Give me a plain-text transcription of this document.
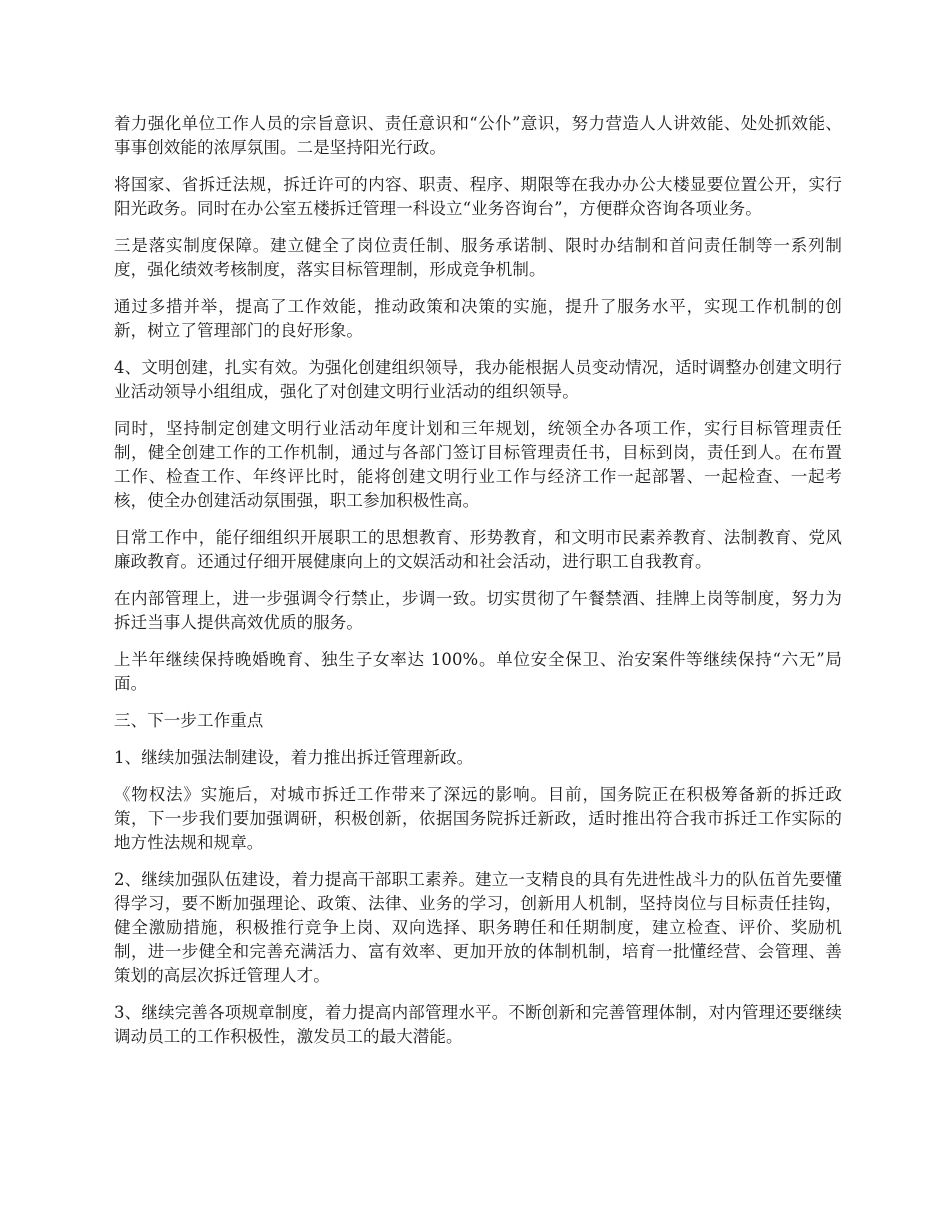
着力强化单位工作人员的宗旨意识、责任意识和“公仆”意识，努力营造人人讲效能、处处抓效能、事事创效能的浓厚氛围。二是坚持阳光行政。

将国家、省拆迁法规，拆迁许可的内容、职责、程序、期限等在我办办公大楼显要位置公开，实行阳光政务。同时在办公室五楼拆迁管理一科设立“业务咨询台”，方便群众咨询各项业务。

三是落实制度保障。建立健全了岗位责任制、服务承诺制、限时办结制和首问责任制等一系列制度，强化绩效考核制度，落实目标管理制，形成竞争机制。

通过多措并举，提高了工作效能，推动政策和决策的实施，提升了服务水平，实现工作机制的创新，树立了管理部门的良好形象。

4、文明创建，扎实有效。为强化创建组织领导，我办能根据人员变动情况，适时调整办创建文明行业活动领导小组组成，强化了对创建文明行业活动的组织领导。

同时，坚持制定创建文明行业活动年度计划和三年规划，统领全办各项工作，实行目标管理责任制，健全创建工作的工作机制，通过与各部门签订目标管理责任书，目标到岗，责任到人。在布置工作、检查工作、年终评比时，能将创建文明行业工作与经济工作一起部署、一起检查、一起考核，使全办创建活动氛围强，职工参加积极性高。

日常工作中，能仔细组织开展职工的思想教育、形势教育，和文明市民素养教育、法制教育、党风廉政教育。还通过仔细开展健康向上的文娱活动和社会活动，进行职工自我教育。

在内部管理上，进一步强调令行禁止，步调一致。切实贯彻了午餐禁酒、挂牌上岗等制度，努力为拆迁当事人提供高效优质的服务。

上半年继续保持晚婚晚育、独生子女率达 100%。单位安全保卫、治安案件等继续保持“六无”局面。

三、下一步工作重点

1、继续加强法制建设，着力推出拆迁管理新政。

《物权法》实施后，对城市拆迁工作带来了深远的影响。目前，国务院正在积极筹备新的拆迁政策，下一步我们要加强调研，积极创新，依据国务院拆迁新政，适时推出符合我市拆迁工作实际的地方性法规和规章。

2、继续加强队伍建设，着力提高干部职工素养。建立一支精良的具有先进性战斗力的队伍首先要懂得学习，要不断加强理论、政策、法律、业务的学习，创新用人机制，坚持岗位与目标责任挂钩，健全激励措施，积极推行竞争上岗、双向选择、职务聘任和任期制度，建立检查、评价、奖励机制，进一步健全和完善充满活力、富有效率、更加开放的体制机制，培育一批懂经营、会管理、善策划的高层次拆迁管理人才。

3、继续完善各项规章制度，着力提高内部管理水平。不断创新和完善管理体制，对内管理还要继续调动员工的工作积极性，激发员工的最大潜能。
